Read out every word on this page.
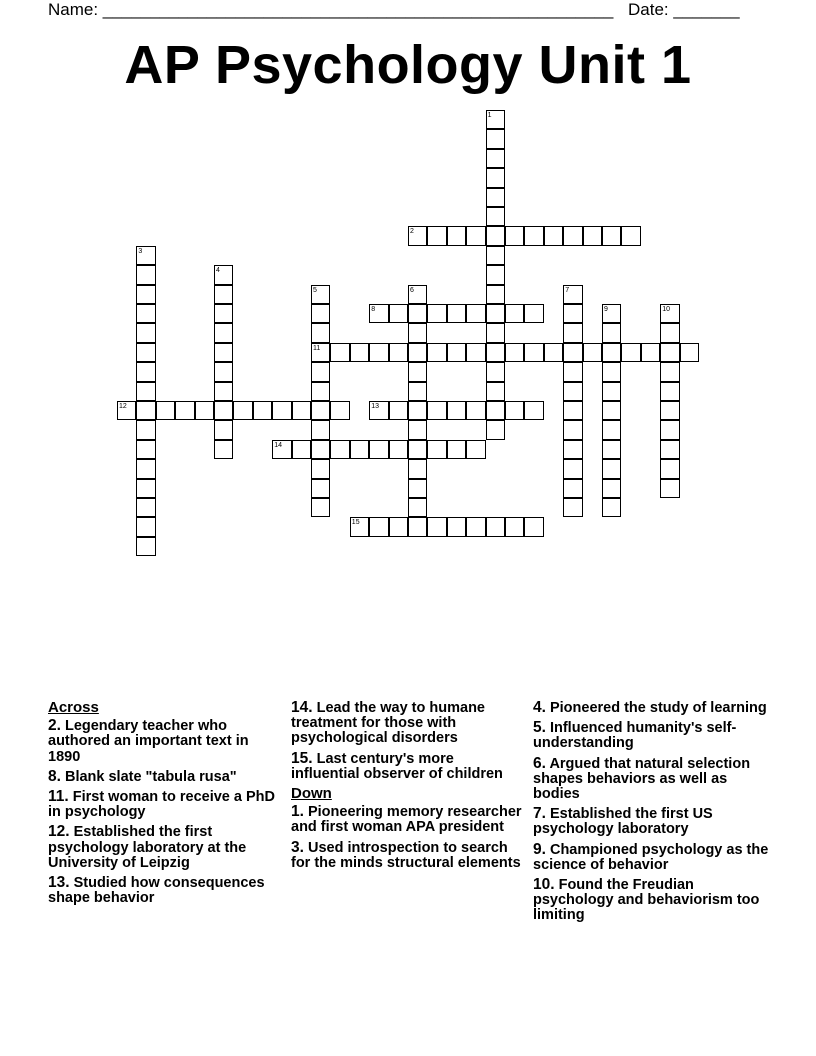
Name: ______________________________________________________ Date: _______
AP Psychology Unit 1
1
2
3
4
5
11
6	7
8	9	10
12	13
14
15
Across
2. Legendary teacher who authored an important text in 1890
8. Blank slate "tabula rusa"
11. First woman to receive a PhD in psychology
12. Established the first psychology laboratory at the University of Leipzig
13. Studied how consequences shape behavior
14. Lead the way to humane treatment for those with psychological disorders
15. Last century's more influential observer of children
Down
1. Pioneering memory researcher and first woman APA president
3. Used introspection to search for the minds structural elements
4. Pioneered the study of learning
5. Influenced humanity's self-understanding
6. Argued that natural selection shapes behaviors as well as bodies
7. Established the first US psychology laboratory
9. Championed psychology as the science of behavior
10. Found the Freudian psychology and behaviorism too limiting
